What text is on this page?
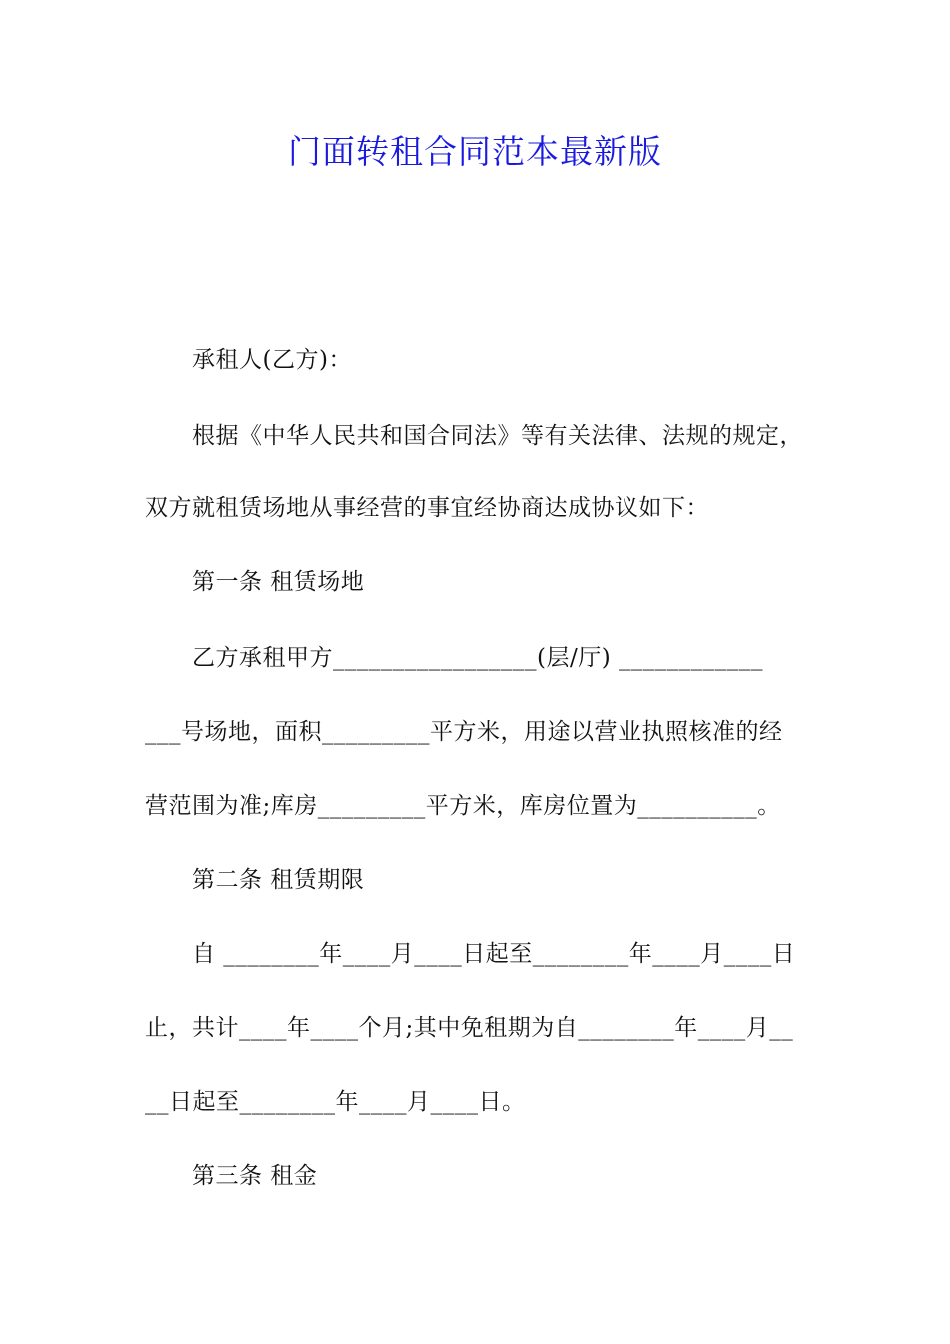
门面转租合同范本最新版
承租人(乙方)：
根据《中华人民共和国合同法》等有关法律、法规的规定，
双方就租赁场地从事经营的事宜经协商达成协议如下：
第一条 租赁场地
乙方承租甲方_________________(层/厅) ____________
___号场地，面积_________平方米，用途以营业执照核准的经
营范围为准;库房_________平方米，库房位置为__________。
第二条 租赁期限
自 ________年____月____日起至________年____月____日
止，共计____年____个月;其中免租期为自________年____月__
__日起至________年____月____日。
第三条 租金
